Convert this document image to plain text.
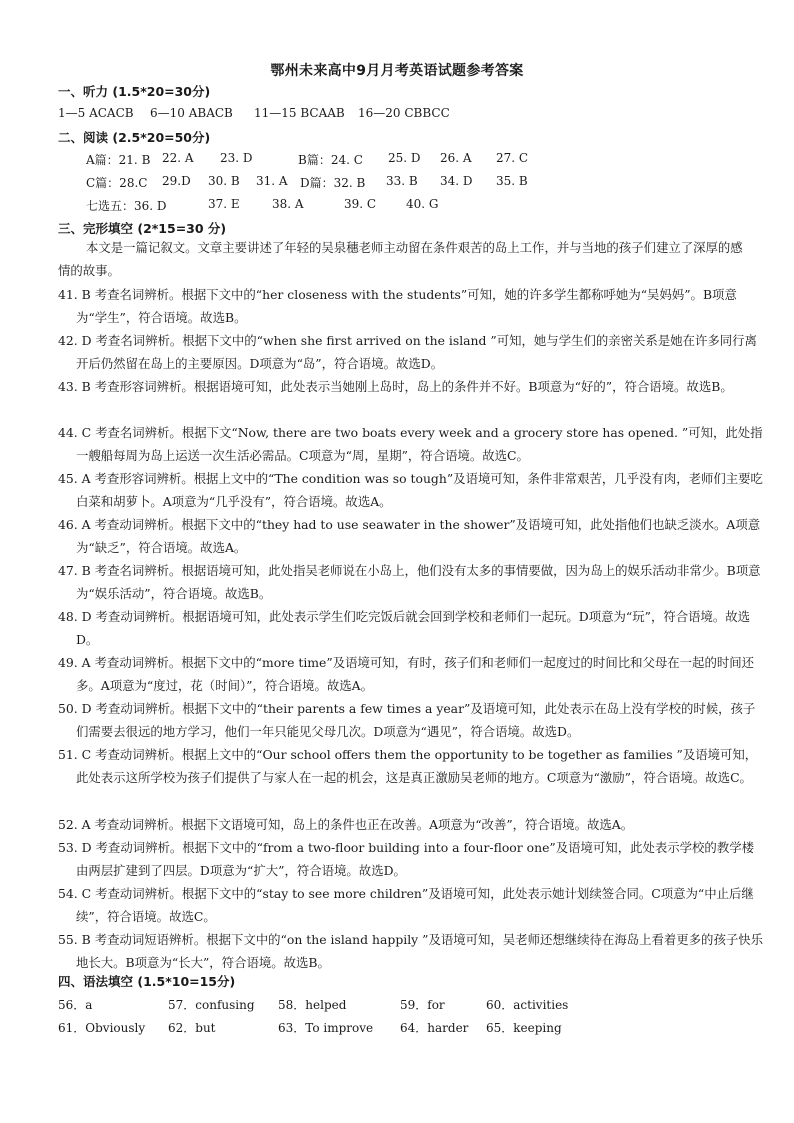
鄂州未来高中9月月考英语试题参考答案
一、听力 (1.5*20=30分)
1—5 ACACB 6—10 ABACB 11—15 BCAAB 16—20 CBBCC
二、阅读 (2.5*20=50分)
A篇：21. B 22. A 23. D	B篇：24. C 25. D 26. A 27. C
C篇：28.C 29.D 30. B 31. A D篇：32. B 33. B 34. D 35. B
七选五：36. D	37. E	38. A	39. C 40. G
三、完形填空 (2*15=30 分)
本文是一篇记叙文。文章主要讲述了年轻的吴泉穗老师主动留在条件艰苦的岛上工作，并与当地的孩子们建立了深厚的感情的故事。
41. B 考查名词辨析。根据下文中的“her closeness with the students”可知，她的许多学生都称呼她为“吴妈妈”。B项意为“学生”，符合语境。故选B。
42. D 考查名词辨析。根据下文中的“when she first arrived on the island ”可知，她与学生们的亲密关系是她在许多同行离开后仍然留在岛上的主要原因。D项意为“岛”，符合语境。故选D。
43. B 考查形容词辨析。根据语境可知，此处表示当她刚上岛时，岛上的条件并不好。B项意为“好的”，符合语境。故选B。
44. C 考查名词辨析。根据下文“Now, there are two boats every week and a grocery store has opened. ”可知，此处指一艘船每周为岛上运送一次生活必需品。C项意为“周，星期”，符合语境。故选C。
45. A 考查形容词辨析。根据上文中的“The condition was so tough”及语境可知，条件非常艰苦，几乎没有肉，老师们主要吃白菜和胡萝卜。A项意为“几乎没有”，符合语境。故选A。
46. A 考查动词辨析。根据下文中的“they had to use seawater in the shower”及语境可知，此处指他们也缺乏淡水。A项意为“缺乏”，符合语境。故选A。
47. B 考查名词辨析。根据语境可知，此处指吴老师说在小岛上，他们没有太多的事情要做，因为岛上的娱乐活动非常少。B项意为“娱乐活动”，符合语境。故选B。
48. D 考查动词辨析。根据语境可知，此处表示学生们吃完饭后就会回到学校和老师们一起玩。D项意为“玩”，符合语境。故选D。
49. A 考查动词辨析。根据下文中的“more time”及语境可知，有时，孩子们和老师们一起度过的时间比和父母在一起的时间还多。A项意为“度过，花（时间）”，符合语境。故选A。
50. D 考查动词辨析。根据下文中的“their parents a few times a year”及语境可知，此处表示在岛上没有学校的时候，孩子们需要去很远的地方学习，他们一年只能见父母几次。D项意为“遇见”，符合语境。故选D。
51. C 考查动词辨析。根据上文中的“Our school offers them the opportunity to be together as families ”及语境可知，此处表示这所学校为孩子们提供了与家人在一起的机会，这是真正激励吴老师的地方。C项意为“激励”，符合语境。故选C。
52. A 考查动词辨析。根据下文语境可知，岛上的条件也正在改善。A项意为“改善”，符合语境。故选A。
53. D 考查动词辨析。根据下文中的“from a two-floor building into a four-floor one”及语境可知，此处表示学校的教学楼由两层扩建到了四层。D项意为“扩大”，符合语境。故选D。
54. C 考查动词辨析。根据下文中的“stay to see more children”及语境可知，此处表示她计划续签合同。C项意为“中止后继续”，符合语境。故选C。
55. B 考查动词短语辨析。根据下文中的“on the island happily ”及语境可知，吴老师还想继续待在海岛上看着更多的孩子快乐地长大。B项意为“长大”，符合语境。故选B。
四、语法填空 (1.5*10=15分)
56．a	57．confusing 58．helped	59．for	60．activities
61．Obviously 62．but	63．To improve 64．harder 65．keeping
